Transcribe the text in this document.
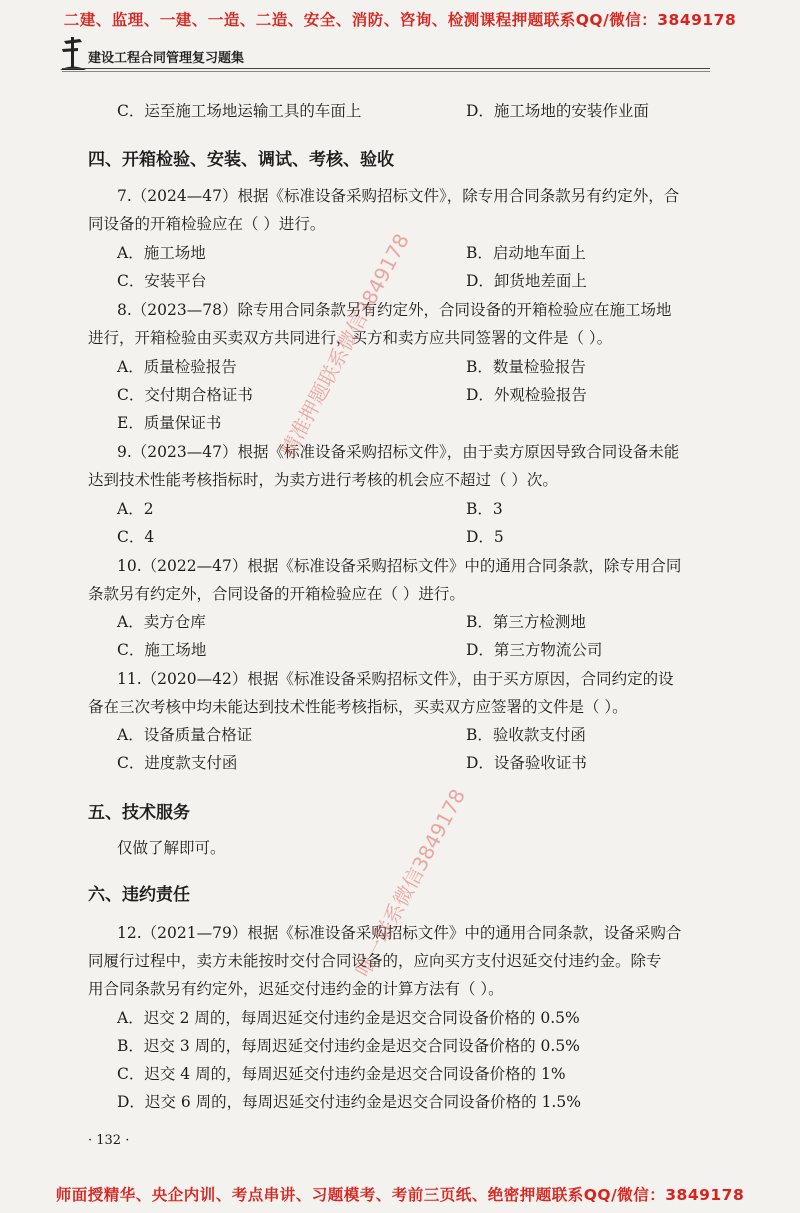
二建、监理、一建、一造、二造、安全、消防、咨询、检测课程押题联系QQ/微信：3849178
建设工程合同管理复习题集
C．运至施工场地运输工具的车面上	D．施工场地的安装作业面
四、开箱检验、安装、调试、考核、验收
7.（2024—47）根据《标准设备采购招标文件》，除专用合同条款另有约定外，合
同设备的开箱检验应在（ ）进行。
A．施工场地	B．启动地车面上
C．安装平台	D．卸货地差面上
8.（2023—78）除专用合同条款另有约定外，合同设备的开箱检验应在施工场地
进行，开箱检验由买卖双方共同进行，买方和卖方应共同签署的文件是（ ）。
A．质量检验报告	B．数量检验报告
C．交付期合格证书	D．外观检验报告
E．质量保证书
9.（2023—47）根据《标准设备采购招标文件》，由于卖方原因导致合同设备未能
达到技术性能考核指标时，为卖方进行考核的机会应不超过（ ）次。
A．2	B．3
C．4	D．5
10.（2022—47）根据《标准设备采购招标文件》中的通用合同条款，除专用合同
条款另有约定外，合同设备的开箱检验应在（ ）进行。
A．卖方仓库	B．第三方检测地
C．施工场地	D．第三方物流公司
11.（2020—42）根据《标准设备采购招标文件》，由于买方原因，合同约定的设
备在三次考核中均未能达到技术性能考核指标，买卖双方应签署的文件是（ ）。
A．设备质量合格证	B．验收款支付函
C．进度款支付函	D．设备验收证书
五、技术服务
仅做了解即可。
六、违约责任
12.（2021—79）根据《标准设备采购招标文件》中的通用合同条款，设备采购合
同履行过程中，卖方未能按时交付合同设备的，应向买方支付迟延交付违约金。除专
用合同条款另有约定外，迟延交付违约金的计算方法有（ ）。
A．迟交 2 周的，每周迟延交付违约金是迟交合同设备价格的 0.5%
B．迟交 3 周的，每周迟延交付违约金是迟交合同设备价格的 0.5%
C．迟交 4 周的，每周迟延交付违约金是迟交合同设备价格的 1%
D．迟交 6 周的，每周迟延交付违约金是迟交合同设备价格的 1.5%
· 132 ·
精准押题联系微信3849178
唯一联系微信3849178
师面授精华、央企内训、考点串讲、习题模考、考前三页纸、绝密押题联系QQ/微信：3849178
